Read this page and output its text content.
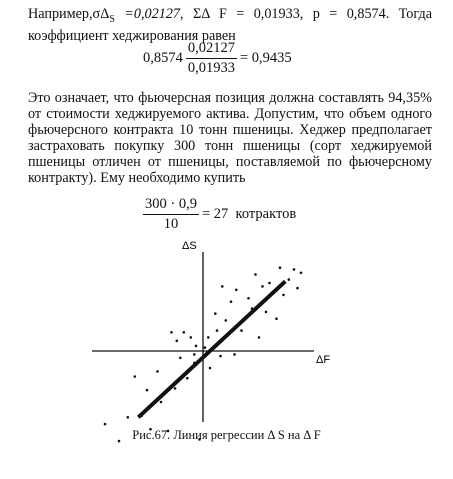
$Например,\sigma\Delta_S =0,02127$, ΣΔ F = 0,01933, p = 0,8574. Тогда коэффициент хеджирования равен

$0,8574 \frac{0,02127}{0,01933} = 0,9435$

Это означает, что фьючерсная позиция должна составлять 94,35% от стоимости хеджируемого актива. Допустим, что объем одного фьючерсного контракта 10 тонн пшеницы. Хеджер предполагает застраховать покупку 300 тонн пшеницы (сорт хеджируемой пшеницы отличен от пшеницы, поставляемой по фьючерсному контракту). Ему необходимо купить

$\frac{300 \cdot 0,9}{10} = 27$  котрактов
ΔS
ΔF
Рис.67. Линия регрессии Δ S на Δ F
